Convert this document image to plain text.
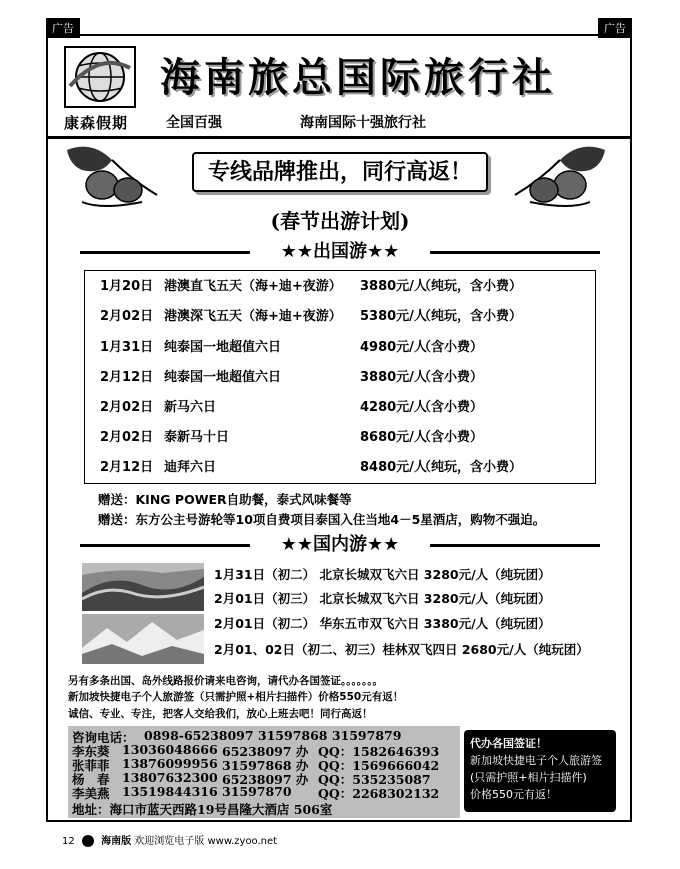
广告	广告
康森假期
海南旅总国际旅行社
全国百强	海南国际十强旅行社
专线品牌推出，同行高返！
(春节出游计划)
★★出国游★★
1月20日 港澳直飞五天（海+迪+夜游） 3880元/人
（纯玩，含小费）
2月02日 港澳深飞五天（海+迪+夜游） 5380元/人
（纯玩，含小费）
1月31日 纯泰国一地超值六日	4980元/人
（含小费）
2月12日 纯泰国一地超值六日	3880元/人
（含小费）
2月02日 新马六日	4280元/人
（含小费）
2月02日 泰新马十日	8680元/人
（含小费）
2月12日 迪拜六日	8480元/人
（纯玩，含小费）
赠送：KING POWER自助餐，泰式风味餐等
赠送：东方公主号游轮等10项自费项目泰国入住当地4－5星酒店，购物不强迫。
★★国内游★★
1月31日（初二） 北京长城双飞六日 3280元/人（纯玩团）
2月01日（初三） 北京长城双飞六日 3280元/人（纯玩团）
2月01日（初二） 华东五市双飞六日 3380元/人（纯玩团）
2月01、02日（初二、初三）桂林双飞四日 2680元/人（纯玩团）
另有多条出国、岛外线路报价请来电咨询，请代办各国签证。。。。。。。
新加坡快捷电子个人旅游签（只需护照+相片扫描件）价格550元有返！
诚信、专业、专注，把客人交给我们，放心上班去吧！同行高返！
咨询电话： 0898-65238097 31597868 31597879
李东葵 13036048666 65238097 办 QQ：1582646393
张菲菲 13876099956 31597868 办 QQ：1569666042
杨　春 13807632300 65238097 办 QQ：535235087
李美燕 13519844316 31597870 QQ：2268302132
地址：海口市蓝天西路19号昌隆大酒店 506室
代办各国签证！
新加坡快捷电子个人旅游签
(只需护照+相片扫描件)
价格550元有返！
12	海南版 欢迎浏览电子版 www.zyoo.net
